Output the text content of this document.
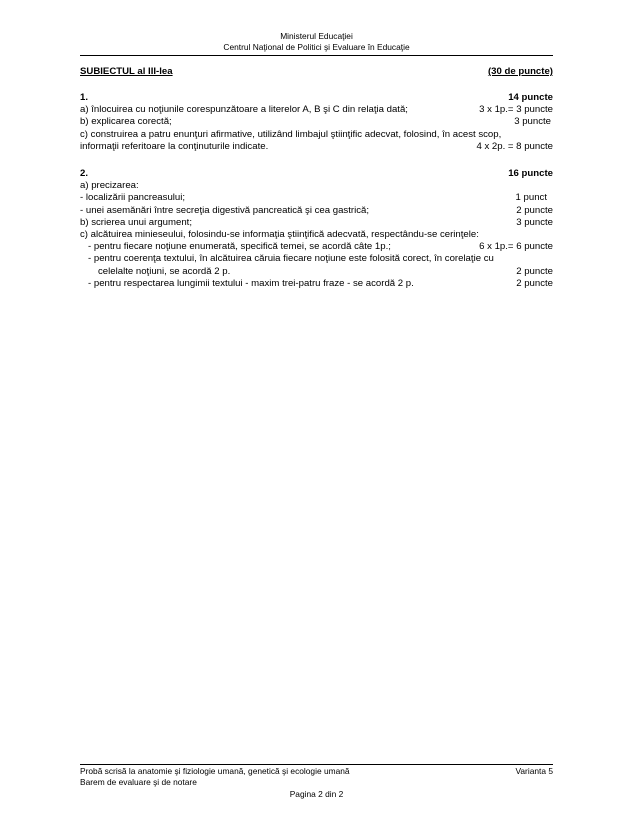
Ministerul Educaţiei
Centrul Naţional de Politici şi Evaluare în Educaţie
SUBIECTUL al III-lea	(30 de puncte)
1.	14 puncte
a) înlocuirea cu noţiunile corespunzătoare a literelor A, B şi C din relaţia dată;	3 x 1p.= 3 puncte
b) explicarea corectă;	3 puncte
c) construirea a patru enunţuri afirmative, utilizând limbajul ştiinţific adecvat, folosind, în acest scop,
informaţii referitoare la conţinuturile indicate.	4 x 2p. = 8 puncte
2.	16 puncte
a) precizarea:
- localizării pancreasului;	1 punct
- unei asemănări între secreţia digestivă pancreatică şi cea gastrică;	2 puncte
b) scrierea unui argument;	3 puncte
c) alcătuirea minieseului, folosindu-se informaţia ştiinţifică adecvată, respectându-se cerinţele:
- pentru fiecare noţiune enumerată, specifică temei, se acordă câte 1p.;	6 x 1p.= 6 puncte
- pentru coerenţa textului, în alcătuirea căruia fiecare noţiune este folosită corect, în corelaţie cu
celelalte noţiuni, se acordă 2 p.	2 puncte
- pentru respectarea lungimii textului - maxim trei-patru fraze - se acordă 2 p.	2 puncte
Probă scrisă la anatomie şi fiziologie umană, genetică şi ecologie umană	Varianta 5
Barem de evaluare şi de notare
Pagina 2 din 2
